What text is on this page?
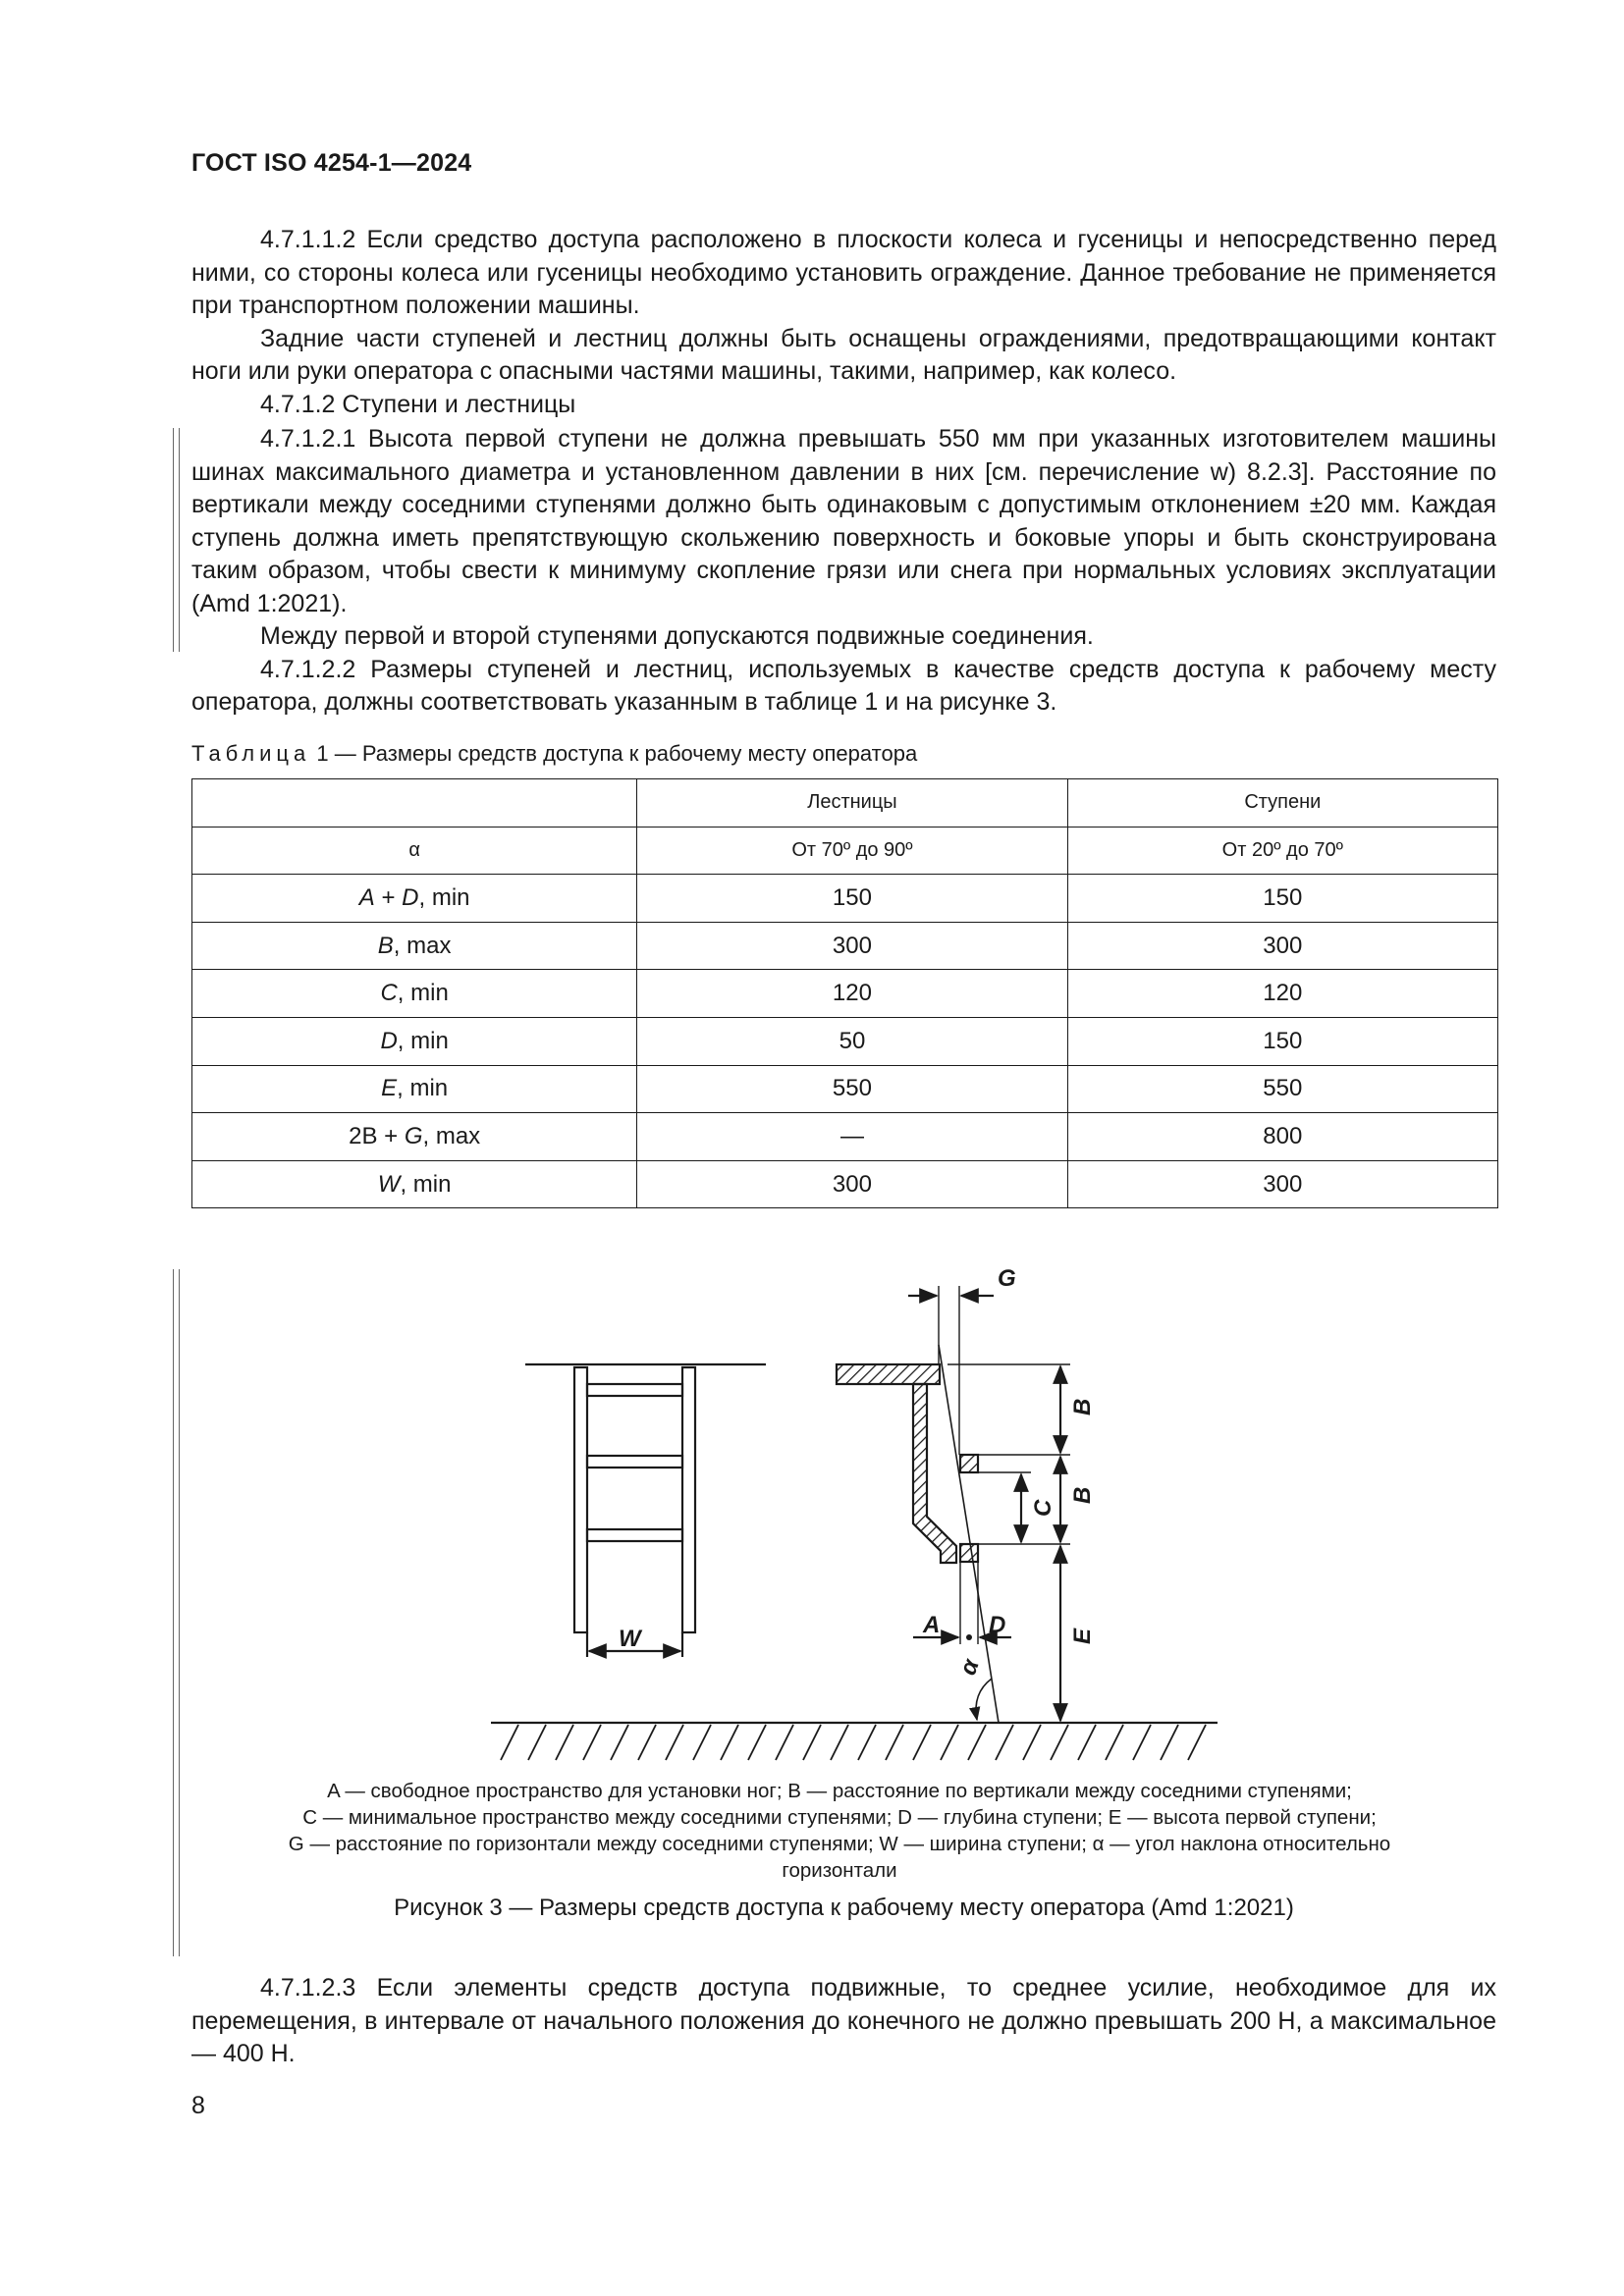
ГОСТ ISO 4254-1—2024

4.7.1.1.2 Если средство доступа расположено в плоскости колеса и гусеницы и непосредственно перед ними, со стороны колеса или гусеницы необходимо установить ограждение. Данное требование не применяется при транспортном положении машины.

Задние части ступеней и лестниц должны быть оснащены ограждениями, предотвращающими контакт ноги или руки оператора с опасными частями машины, такими, например, как колесо.

4.7.1.2 Ступени и лестницы

4.7.1.2.1 Высота первой ступени не должна превышать 550 мм при указанных изготовителем машины шинах максимального диаметра и установленном давлении в них [см. перечисление w) 8.2.3]. Расстояние по вертикали между соседними ступенями должно быть одинаковым с допустимым отклонением ±20 мм. Каждая ступень должна иметь препятствующую скольжению поверхность и боковые упоры и быть сконструирована таким образом, чтобы свести к минимуму скопление грязи или снега при нормальных условиях эксплуатации (Amd 1:2021).

Между первой и второй ступенями допускаются подвижные соединения.

4.7.1.2.2 Размеры ступеней и лестниц, используемых в качестве средств доступа к рабочему месту оператора, должны соответствовать указанным в таблице 1 и на рисунке 3.

Таблица 1 — Размеры средств доступа к рабочему месту оператора
	Лестницы	Ступени
α	От 70º до 90º	От 20º до 70º
A + D, min	150	150
B, max	300	300
C, min	120	120
D, min	50	150
E, min	550	550
2B + G, max	—	800
W, min	300	300
G
W
A D
B
B
C
E
α
A — свободное пространство для установки ног; B — расстояние по вертикали между соседними ступенями;
C — минимальное пространство между соседними ступенями; D — глубина ступени; E — высота первой ступени;
G — расстояние по горизонтали между соседними ступенями; W — ширина ступени; α — угол наклона относительно
горизонтали
Рисунок 3 — Размеры средств доступа к рабочему месту оператора (Amd 1:2021)

4.7.1.2.3 Если элементы средств доступа подвижные, то среднее усилие, необходимое для их перемещения, в интервале от начального положения до конечного не должно превышать 200 Н, а максимальное — 400 Н.

8
